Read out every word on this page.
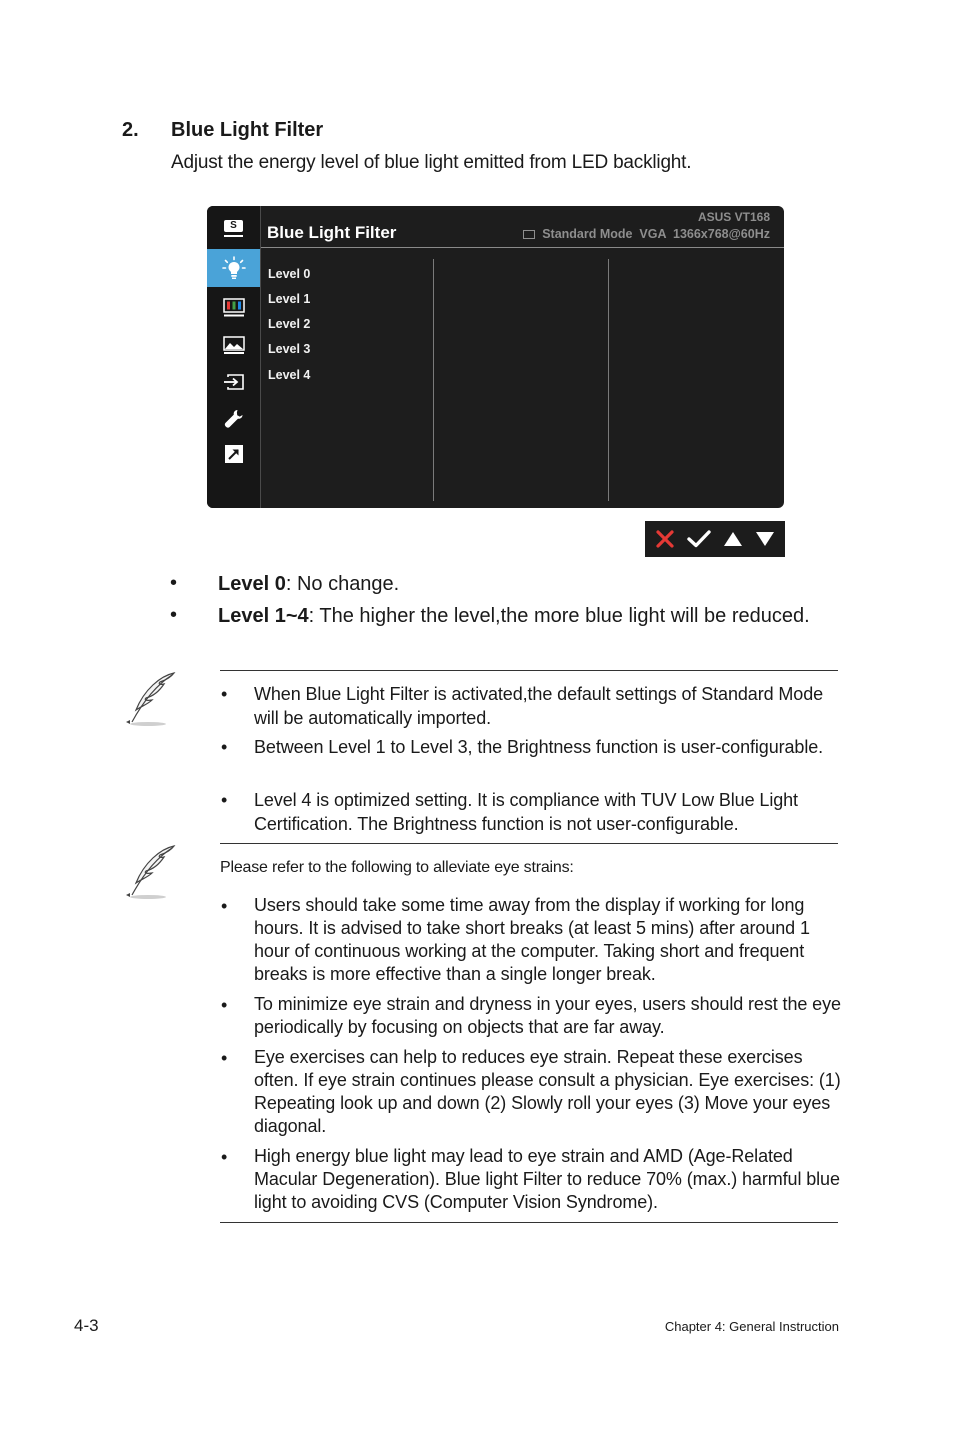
2. Blue Light Filter
Adjust the energy level of blue light emitted from LED backlight.
S Blue Light Filter
ASUS VT168
Standard Mode  VGA  1366x768@60Hz
Level 0
Level 1
Level 2
Level 3
Level 4
• Level 0: No change.
• Level 1~4: The higher the level,the more blue light will be reduced.
• When Blue Light Filter is activated,the default settings of Standard Mode will be automatically imported.
• Between Level 1 to Level 3, the Brightness function is user-configurable.
• Level 4 is optimized setting. It is compliance with TUV Low Blue Light Certification. The Brightness function is not user-configurable.
Please refer to the following to alleviate eye strains:
• Users should take some time away from the display if working for long hours. It is advised to take short breaks (at least 5 mins) after around 1 hour of continuous working at the computer. Taking short and frequent breaks is more effective than a single longer break.
• To minimize eye strain and dryness in your eyes, users should rest the eye periodically by focusing on objects that are far away.
• Eye exercises can help to reduces eye strain. Repeat these exercises often. If eye strain continues please consult a physician. Eye exercises: (1) Repeating look up and down (2) Slowly roll your eyes (3) Move your eyes diagonal.
• High energy blue light may lead to eye strain and AMD (Age-Related Macular Degeneration). Blue light Filter to reduce 70% (max.) harmful blue light to avoiding CVS (Computer Vision Syndrome).
4-3	Chapter 4: General Instruction
